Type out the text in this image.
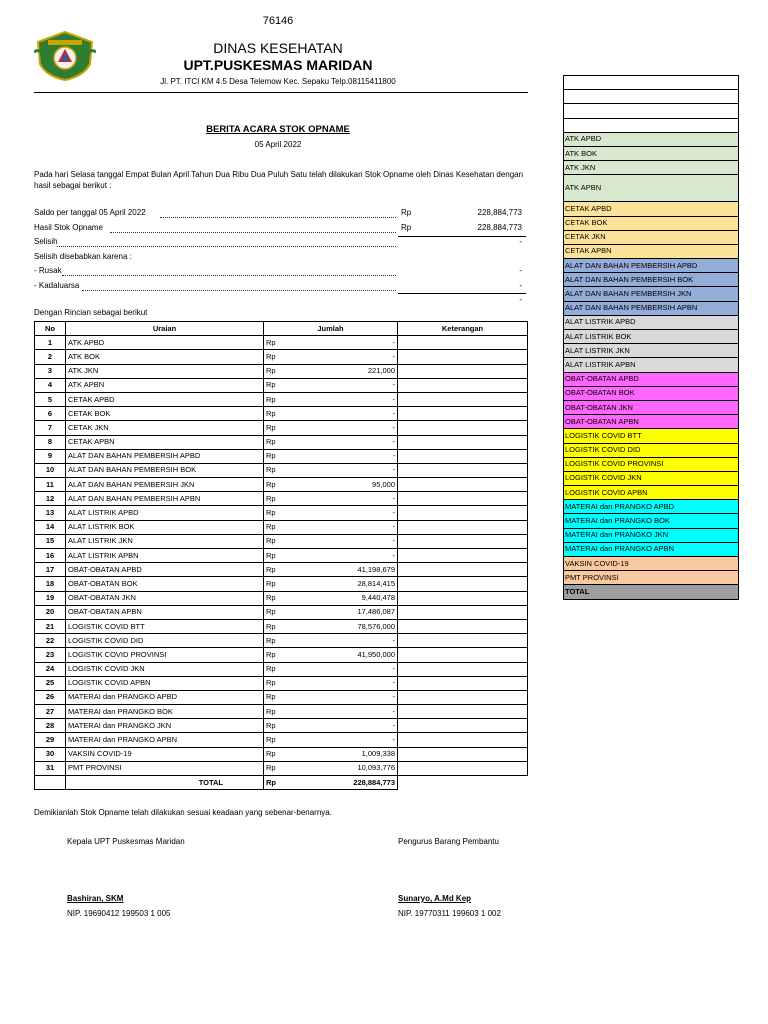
76146
DINAS KESEHATAN
UPT.PUSKESMAS MARIDAN
Jl. PT. ITCI KM 4.5 Desa Telemow Kec. Sepaku Telp.08115411800
BERITA ACARA STOK OPNAME
05 April 2022
Pada hari Selasa tanggal Empat Bulan April Tahun Dua Ribu Dua Puluh Satu telah dilakukan Stok Opname oleh Dinas Kesehatan dengan hasil sebagai berikut :
Saldo per tanggal 05 April 2022	Rp	228,884,773
Hasil Stok Opname	Rp	228,884,773
Selisih	-
Selisih disebabkan karena :
- Rusak	-
- Kadaluarsa	-
-
Dengan Rincian sebagai berikut
No	Uraian	Jumlah		Keterangan
1	ATK APBD	Rp	-	
2	ATK BOK	Rp	-	
3	ATK JKN	Rp	221,000	
4	ATK APBN	Rp	-	
5	CETAK APBD	Rp	-	
6	CETAK BOK	Rp	-	
7	CETAK JKN	Rp	-	
8	CETAK APBN	Rp	-	
9	ALAT DAN BAHAN PEMBERSIH APBD	Rp	-	
10	ALAT DAN BAHAN PEMBERSIH BOK	Rp	-	
11	ALAT DAN BAHAN PEMBERSIH JKN	Rp	95,000	
12	ALAT DAN BAHAN PEMBERSIH APBN	Rp	-	
13	ALAT LISTRIK APBD	Rp	-	
14	ALAT LISTRIK BOK	Rp	-	
15	ALAT LISTRIK JKN	Rp	-	
16	ALAT LISTRIK APBN	Rp	-	
17	OBAT-OBATAN APBD	Rp	41,198,679	
18	OBAT-OBATAN BOK	Rp	28,814,415	
19	OBAT-OBATAN JKN	Rp	9,440,478	
20	OBAT-OBATAN APBN	Rp	17,486,087	
21	LOGISTIK COVID BTT	Rp	78,576,000	
22	LOGISTIK COVID DID	Rp	-	
23	LOGISTIK COVID PROVINSI	Rp	41,950,000	
24	LOGISTIK COVID JKN	Rp	-	
25	LOGISTIK COVID APBN	Rp	-	
26	MATERAI dan PRANGKO APBD	Rp	-	
27	MATERAI dan PRANGKO BOK	Rp	-	
28	MATERAI dan PRANGKO JKN	Rp	-	
29	MATERAI dan PRANGKO APBN	Rp	-	
30	VAKSIN COVID-19	Rp	1,009,338	
31	PMT PROVINSI	Rp	10,093,776	
	TOTAL	Rp	228,884,773	
Demikianlah Stok Opname telah dilakukan sesuai keadaan yang sebenar-benarnya.
Kepala UPT Puskesmas Maridan	Pengurus Barang Pembantu
Bashiran, SKM	Sunaryo, A.Md Kep
NIP. 19690412 199503 1 005	NIP. 19770311 199603 1 002

ATK APBD
ATK BOK
ATK JKN
ATK APBN
CETAK APBD
CETAK BOK
CETAK JKN
CETAK APBN
ALAT DAN BAHAN PEMBERSIH APBD
ALAT DAN BAHAN PEMBERSIH BOK
ALAT DAN BAHAN PEMBERSIH JKN
ALAT DAN BAHAN PEMBERSIH APBN
ALAT LISTRIK APBD
ALAT LISTRIK BOK
ALAT LISTRIK JKN
ALAT LISTRIK APBN
OBAT-OBATAN APBD
OBAT-OBATAN BOK
OBAT-OBATAN JKN
OBAT-OBATAN APBN
LOGISTIK COVID BTT
LOGISTIK COVID DID
LOGISTIK COVID PROVINSI
LOGISTIK COVID JKN
LOGISTIK COVID APBN
MATERAI dan PRANGKO APBD
MATERAI dan PRANGKO BOK
MATERAI dan PRANGKO JKN
MATERAI dan PRANGKO APBN
VAKSIN COVID-19
PMT PROVINSI
TOTAL
